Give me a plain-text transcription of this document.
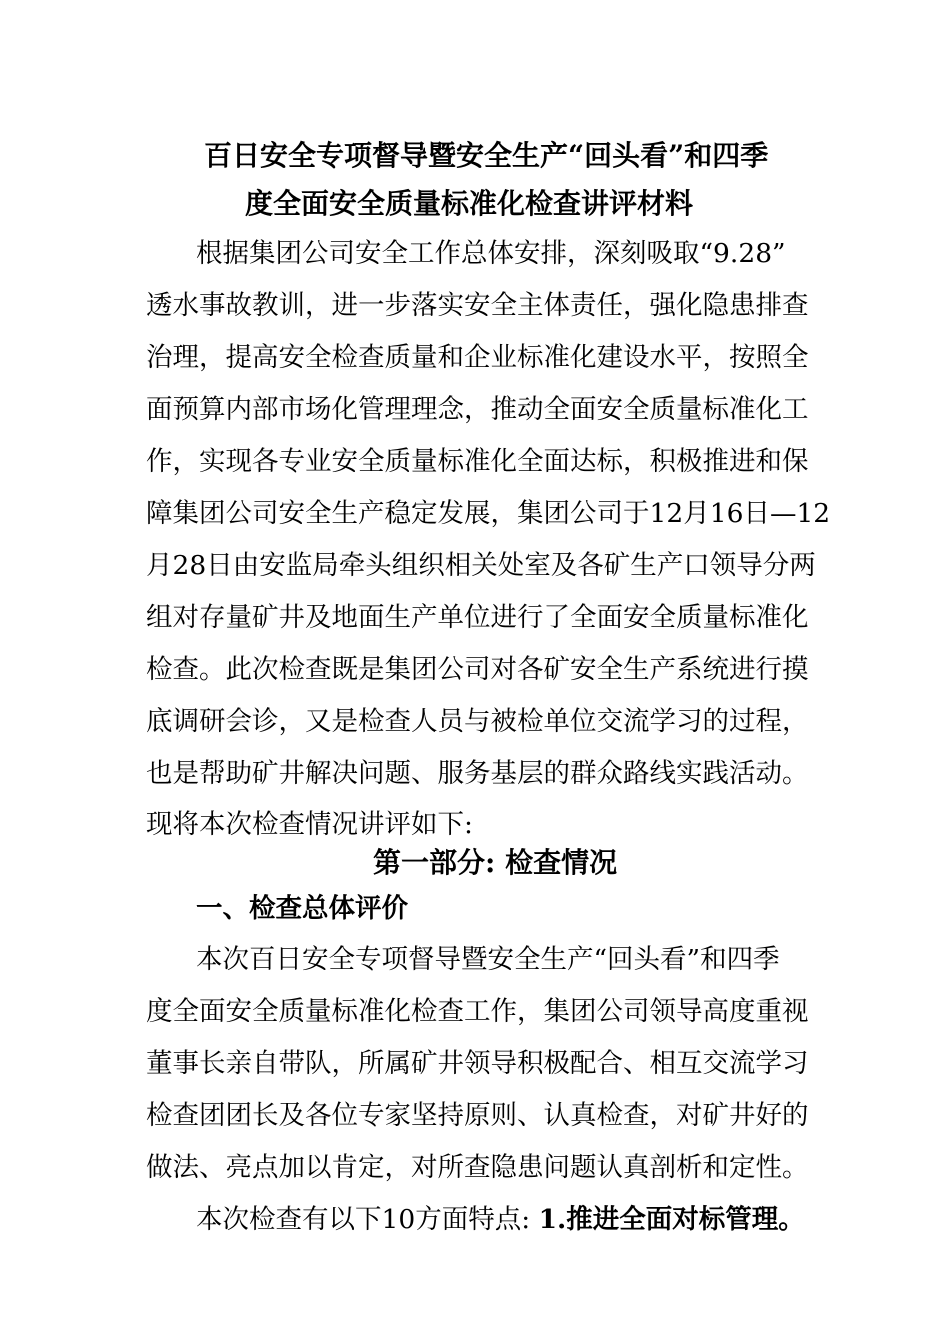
百日安全专项督导暨安全生产“回头看”和四季
度全面安全质量标准化检查讲评材料
根据集团公司安全工作总体安排，深刻吸取“9.28”
透水事故教训，进一步落实安全主体责任，强化隐患排查
治理，提高安全检查质量和企业标准化建设水平，按照全
面预算内部市场化管理理念，推动全面安全质量标准化工
作，实现各专业安全质量标准化全面达标，积极推进和保
障集团公司安全生产稳定发展，集团公司于12月16日—12
月28日由安监局牵头组织相关处室及各矿生产口领导分两
组对存量矿井及地面生产单位进行了全面安全质量标准化
检查。此次检查既是集团公司对各矿安全生产系统进行摸
底调研会诊，又是检查人员与被检单位交流学习的过程，
也是帮助矿井解决问题、服务基层的群众路线实践活动。
现将本次检查情况讲评如下:
第一部分: 检查情况
一、检查总体评价
本次百日安全专项督导暨安全生产“回头看”和四季
度全面安全质量标准化检查工作，集团公司领导高度重视
董事长亲自带队，所属矿井领导积极配合、相互交流学习
检查团团长及各位专家坚持原则、认真检查，对矿井好的
做法、亮点加以肯定，对所查隐患问题认真剖析和定性。
本次检查有以下10方面特点: 1.推进全面对标管理。
